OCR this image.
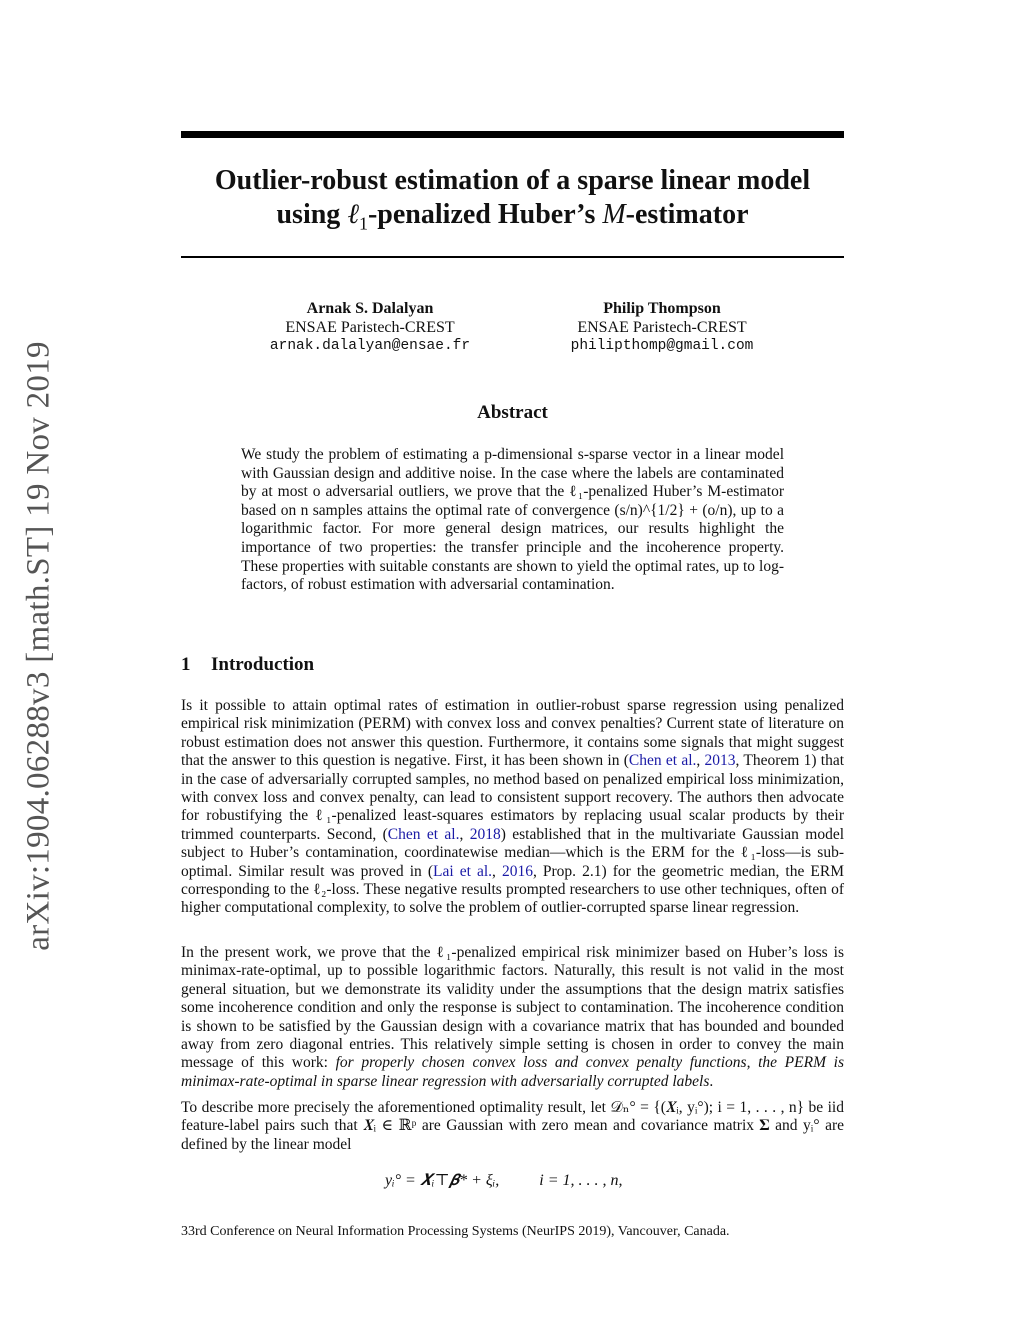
arXiv:1904.06288v3 [math.ST] 19 Nov 2019
Outlier-robust estimation of a sparse linear model
using ℓ$_1$-penalized Huber’s M-estimator
Arnak S. Dalalyan
ENSAE Paristech-CREST
arnak.dalalyan@ensae.fr
Philip Thompson
ENSAE Paristech-CREST
philipthomp@gmail.com
Abstract

We study the problem of estimating a p-dimensional s-sparse vector in a linear model with Gaussian design and additive noise. In the case where the labels are contaminated by at most o adversarial outliers, we prove that the ℓ₁-penalized Huber’s M-estimator based on n samples attains the optimal rate of convergence (s/n)^{1/2} + (o/n), up to a logarithmic factor. For more general design matrices, our results highlight the importance of two properties: the transfer principle and the incoherence property. These properties with suitable constants are shown to yield the optimal rates, up to log-factors, of robust estimation with adversarial contamination.

1 Introduction

Is it possible to attain optimal rates of estimation in outlier-robust sparse regression using penalized empirical risk minimization (PERM) with convex loss and convex penalties? Current state of literature on robust estimation does not answer this question. Furthermore, it contains some signals that might suggest that the answer to this question is negative. First, it has been shown in (Chen et al., 2013, Theorem 1) that in the case of adversarially corrupted samples, no method based on penalized empirical loss minimization, with convex loss and convex penalty, can lead to consistent support recovery. The authors then advocate for robustifying the ℓ₁-penalized least-squares estimators by replacing usual scalar products by their trimmed counterparts. Second, (Chen et al., 2018) established that in the multivariate Gaussian model subject to Huber’s contamination, coordinatewise median—which is the ERM for the ℓ₁-loss—is sub-optimal. Similar result was proved in (Lai et al., 2016, Prop. 2.1) for the geometric median, the ERM corresponding to the ℓ₂-loss. These negative results prompted researchers to use other techniques, often of higher computational complexity, to solve the problem of outlier-corrupted sparse linear regression.

In the present work, we prove that the ℓ₁-penalized empirical risk minimizer based on Huber’s loss is minimax-rate-optimal, up to possible logarithmic factors. Naturally, this result is not valid in the most general situation, but we demonstrate its validity under the assumptions that the design matrix satisfies some incoherence condition and only the response is subject to contamination. The incoherence condition is shown to be satisfied by the Gaussian design with a covariance matrix that has bounded and bounded away from zero diagonal entries. This relatively simple setting is chosen in order to convey the main message of this work: for properly chosen convex loss and convex penalty functions, the PERM is minimax-rate-optimal in sparse linear regression with adversarially corrupted labels.

To describe more precisely the aforementioned optimality result, let 𝒟ₙ° = {(𝑿ᵢ, yᵢ°); i = 1, . . . , n} be iid feature-label pairs such that 𝑿ᵢ ∈ ℝᵖ are Gaussian with zero mean and covariance matrix 𝚺 and yᵢ° are defined by the linear model

yᵢ° = 𝑿ᵢ⊤𝜷* + ξᵢ,	i = 1, . . . , n,
33rd Conference on Neural Information Processing Systems (NeurIPS 2019), Vancouver, Canada.
